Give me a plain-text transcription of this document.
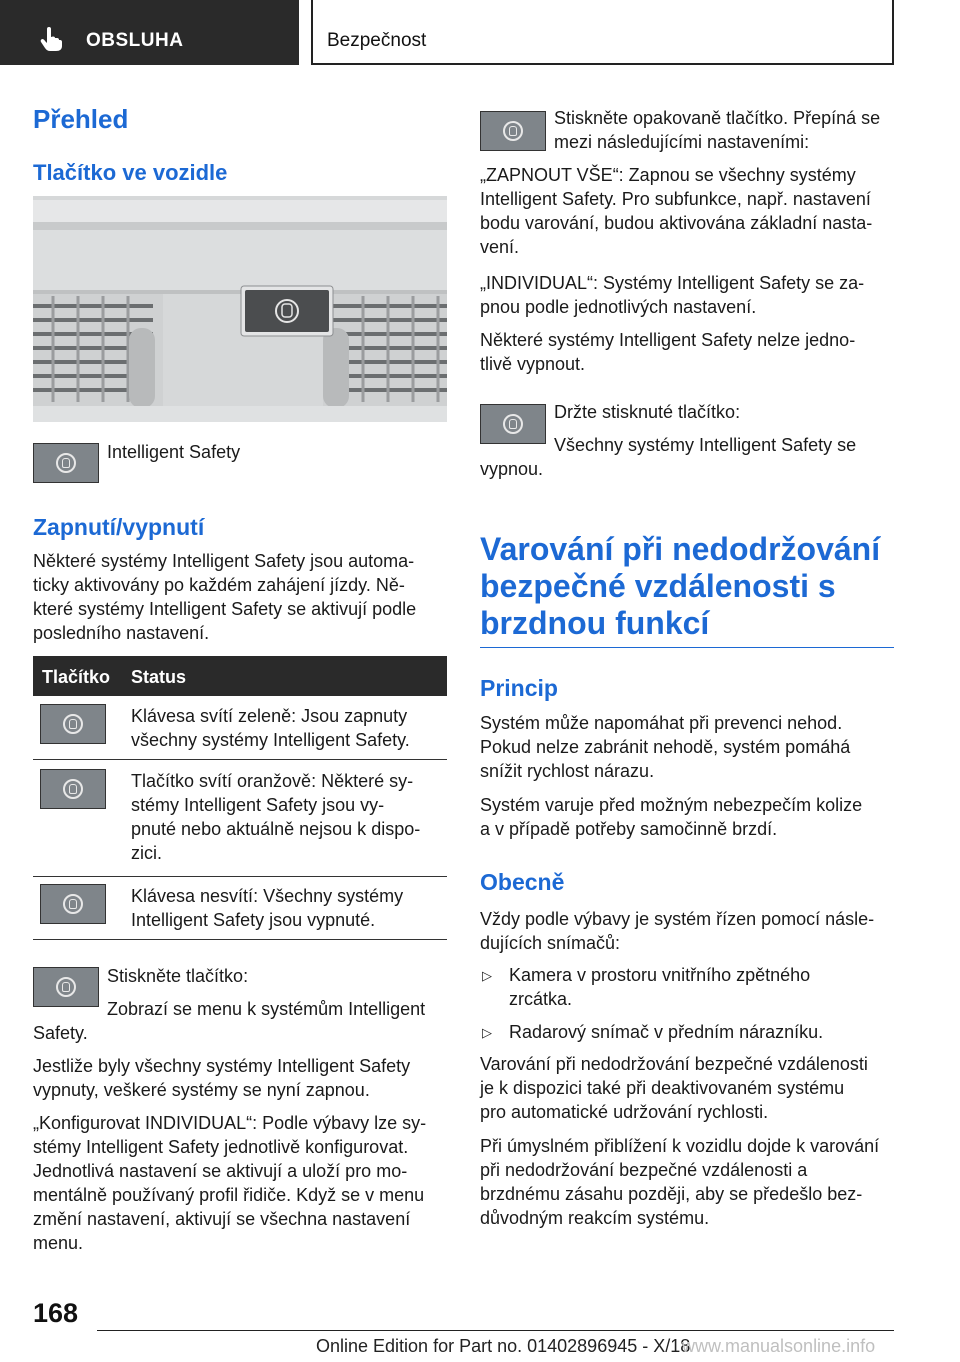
OBSLUHA	Bezpečnost
Přehled
Tlačítko ve vozidle
Intelligent Safety
Zapnutí/vypnutí
Některé systémy Intelligent Safety jsou automa‐
ticky aktivovány po každém zahájení jízdy. Ně‐
které systémy Intelligent Safety se aktivují podle
posledního nastavení.
Tlačítko Status
Klávesa svítí zeleně: Jsou zapnuty
všechny systémy Intelligent Safety.
Tlačítko svítí oranžově: Některé sy‐
stémy Intelligent Safety jsou vy‐
pnuté nebo aktuálně nejsou k dispo‐
zici.
Klávesa nesvítí: Všechny systémy
Intelligent Safety jsou vypnuté.
Stiskněte tlačítko:
Zobrazí se menu k systémům Intelligent
Safety.
Jestliže byly všechny systémy Intelligent Safety
vypnuty, veškeré systémy se nyní zapnou.
„Konfigurovat INDIVIDUAL“: Podle výbavy lze sy‐
stémy Intelligent Safety jednotlivě konfigurovat.
Jednotlivá nastavení se aktivují a uloží pro mo‐
mentálně používaný profil řidiče. Když se v menu
změní nastavení, aktivují se všechna nastavení
menu.
Stiskněte opakovaně tlačítko. Přepíná se
mezi následujícími nastaveními:
„ZAPNOUT VŠE“: Zapnou se všechny systémy
Intelligent Safety. Pro subfunkce, např. nastavení
bodu varování, budou aktivována základní nasta‐
vení.
„INDIVIDUAL“: Systémy Intelligent Safety se za‐
pnou podle jednotlivých nastavení.
Některé systémy Intelligent Safety nelze jedno‐
tlivě vypnout.
Držte stisknuté tlačítko:
Všechny systémy Intelligent Safety se
vypnou.
Varování při nedodržování
bezpečné vzdálenosti s
brzdnou funkcí
Princip
Systém může napomáhat při prevenci nehod.
Pokud nelze zabránit nehodě, systém pomáhá
snížit rychlost nárazu.
Systém varuje před možným nebezpečím kolize
a v případě potřeby samočinně brzdí.
Obecně
Vždy podle výbavy je systém řízen pomocí násle‐
dujících snímačů:
▷ Kamera v prostoru vnitřního zpětného
zrcátka.
▷ Radarový snímač v předním nárazníku.
Varování při nedodržování bezpečné vzdálenosti
je k dispozici také při deaktivovaném systému
pro automatické udržování rychlosti.
Při úmyslném přiblížení k vozidlu dojde k varování
při nedodržování bezpečné vzdálenosti a
brzdnému zásahu později, aby se předešlo bez‐
důvodným reakcím systému.
168
Online Edition for Part no. 01402896945 - X/18
www.manualsonline.info
